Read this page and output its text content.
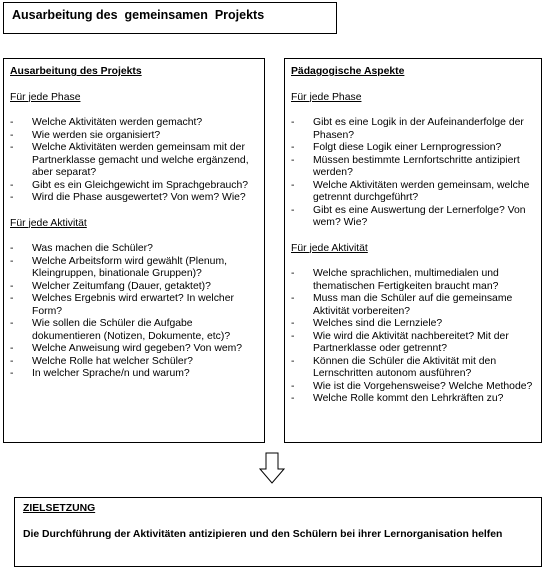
Ausarbeitung des  gemeinsamen  Projekts
Ausarbeitung des Projekts
Für jede Phase
- Welche Aktivitäten werden gemacht?
- Wie werden sie organisiert?
- Welche Aktivitäten werden gemeinsam mit der Partnerklasse gemacht und welche ergänzend, aber separat?
- Gibt es ein Gleichgewicht im Sprachgebrauch?
- Wird die Phase ausgewertet? Von wem? Wie?
Für jede Aktivität
- Was machen die Schüler?
- Welche Arbeitsform wird gewählt (Plenum, Kleingruppen, binationale Gruppen)?
- Welcher Zeitumfang (Dauer, getaktet)?
- Welches Ergebnis wird erwartet? In welcher Form?
- Wie sollen die Schüler die Aufgabe dokumentieren (Notizen, Dokumente, etc)?
- Welche Anweisung wird gegeben? Von wem?
- Welche Rolle hat welcher Schüler?
- In welcher Sprache/n und warum?
Pädagogische Aspekte
Für jede Phase
- Gibt es eine Logik in der Aufeinanderfolge der Phasen?
- Folgt diese Logik einer Lernprogression?
- Müssen bestimmte Lernfortschritte antizipiert werden?
- Welche Aktivitäten werden gemeinsam, welche getrennt durchgeführt?
- Gibt es eine Auswertung der Lernerfolge? Von wem? Wie?
Für jede Aktivität
- Welche sprachlichen, multimedialen und thematischen Fertigkeiten braucht man?
- Muss man die Schüler auf die gemeinsame Aktivität vorbereiten?
- Welches sind die Lernziele?
- Wie wird die Aktivität nachbereitet? Mit der Partnerklasse oder getrennt?
- Können die Schüler die Aktivität mit den Lernschritten autonom ausführen?
- Wie ist die Vorgehensweise? Welche Methode?
- Welche Rolle kommt den Lehrkräften zu?
ZIELSETZUNG
Die Durchführung der Aktivitäten antizipieren und den Schülern bei ihrer Lernorganisation helfen
